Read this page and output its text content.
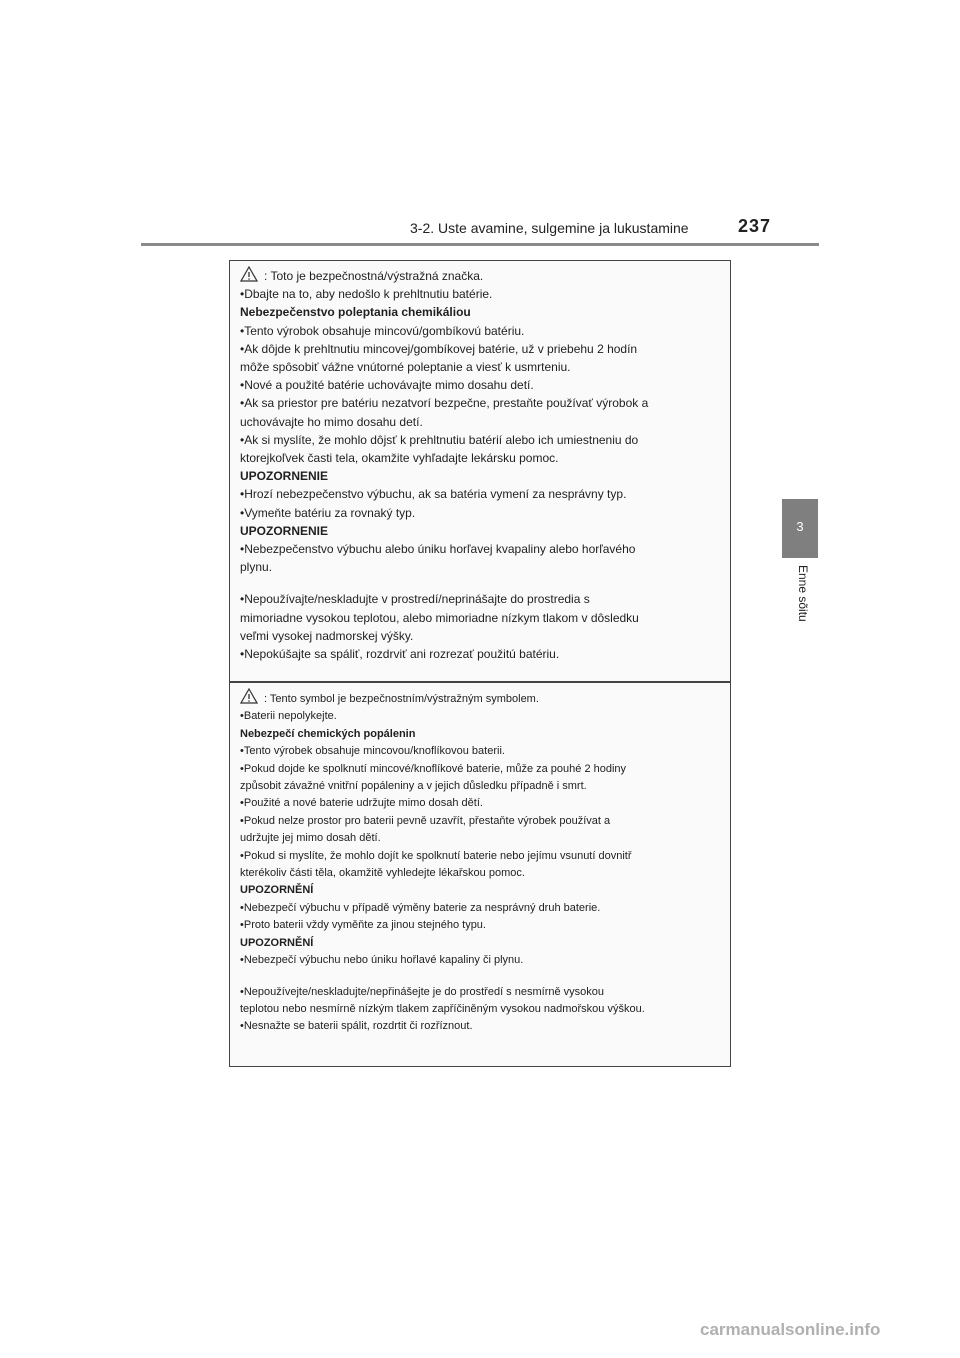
3-2. Uste avamine, sulgemine ja lukustamine	237
3
Enne sõitu
: Toto je bezpečnostná/výstražná značka.
•Dbajte na to, aby nedošlo k prehltnutiu batérie.
Nebezpečenstvo poleptania chemikáliou
•Tento výrobok obsahuje mincovú/gombíkovú batériu.
•Ak dôjde k prehltnutiu mincovej/gombíkovej batérie, už v priebehu 2 hodín
môže spôsobiť vážne vnútorné poleptanie a viesť k usmrteniu.
•Nové a použité batérie uchovávajte mimo dosahu detí.
•Ak sa priestor pre batériu nezatvorí bezpečne, prestaňte používať výrobok a
uchovávajte ho mimo dosahu detí.
•Ak si myslíte, že mohlo dôjsť k prehltnutiu batérií alebo ich umiestneniu do
ktorejkoľvek časti tela, okamžite vyhľadajte lekársku pomoc.
UPOZORNENIE
•Hrozí nebezpečenstvo výbuchu, ak sa batéria vymení za nesprávny typ.
•Vymeňte batériu za rovnaký typ.
UPOZORNENIE
•Nebezpečenstvo výbuchu alebo úniku horľavej kvapaliny alebo horľavého
plynu.
•Nepoužívajte/neskladujte v prostredí/neprinášajte do prostredia s
mimoriadne vysokou teplotou, alebo mimoriadne nízkym tlakom v dôsledku
veľmi vysokej nadmorskej výšky.
•Nepokúšajte sa spáliť, rozdrviť ani rozrezať použitú batériu.
: Tento symbol je bezpečnostním/výstražným symbolem.
•Baterii nepolykejte.
Nebezpečí chemických popálenin
•Tento výrobek obsahuje mincovou/knoflíkovou baterii.
•Pokud dojde ke spolknutí mincové/knoflíkové baterie, může za pouhé 2 hodiny
způsobit závažné vnitřní popáleniny a v jejich důsledku případně i smrt.
•Použité a nové baterie udržujte mimo dosah dětí.
•Pokud nelze prostor pro baterii pevně uzavřít, přestaňte výrobek používat a
udržujte jej mimo dosah dětí.
•Pokud si myslíte, že mohlo dojít ke spolknutí baterie nebo jejímu vsunutí dovnitř
kterékoliv části těla, okamžitě vyhledejte lékařskou pomoc.
UPOZORNĚNÍ
•Nebezpečí výbuchu v případě výměny baterie za nesprávný druh baterie.
•Proto baterii vždy vyměňte za jinou stejného typu.
UPOZORNĚNÍ
•Nebezpečí výbuchu nebo úniku hořlavé kapaliny či plynu.
•Nepoužívejte/neskladujte/nepřinášejte je do prostředí s nesmírně vysokou
teplotou nebo nesmírně nízkým tlakem zapříčiněným vysokou nadmořskou výškou.
•Nesnažte se baterii spálit, rozdrtit či rozříznout.
carmanualsonline.info
